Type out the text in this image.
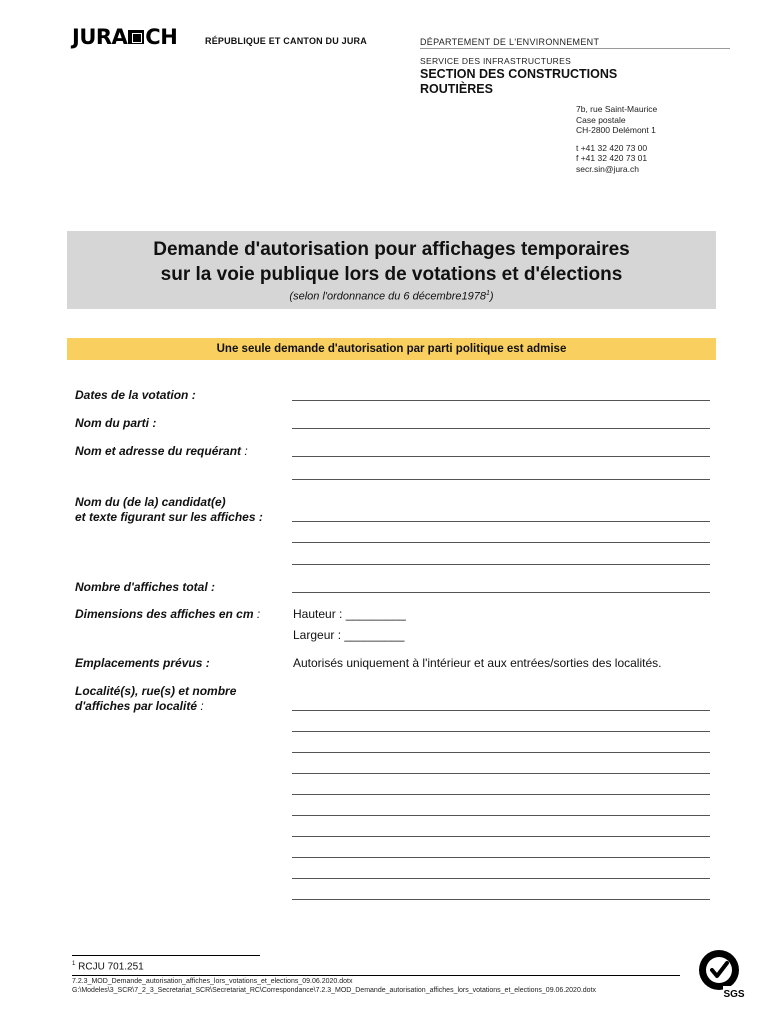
JURA CH	RÉPUBLIQUE ET CANTON DU JURA	DÉPARTEMENT DE L'ENVIRONNEMENT
SERVICE DES INFRASTRUCTURES
SECTION DES CONSTRUCTIONS
ROUTIÈRES
7b, rue Saint-Maurice
Case postale
CH-2800 Delémont 1
t +41 32 420 73 00
f +41 32 420 73 01
secr.sin@jura.ch
Demande d'autorisation pour affichages temporaires
sur la voie publique lors de votations et d'élections
(selon l'ordonnance du 6 décembre1978$^1$)
Une seule demande d'autorisation par parti politique est admise
Dates de la votation :
Nom du parti :
Nom et adresse du requérant :
Nom du (de la) candidat(e)
et texte figurant sur les affiches :
Nombre d'affiches total :
Dimensions des affiches en cm :	Hauteur : _________
Largeur : _________
Emplacements prévus :	Autorisés uniquement à l'intérieur et aux entrées/sorties des localités.
Localité(s), rue(s) et nombre
d'affiches par localité :
$^1$ RCJU 701.251
7.2.3_MOD_Demande_autorisation_affiches_lors_votations_et_elections_09.06.2020.dotx
G:\Modeles\3_SCR\7_2_3_Secretariat_SCR\Secretariat_RC\Correspondance\7.2.3_MOD_Demande_autorisation_affiches_lors_votations_et_elections_09.06.2020.dotx	SGS
